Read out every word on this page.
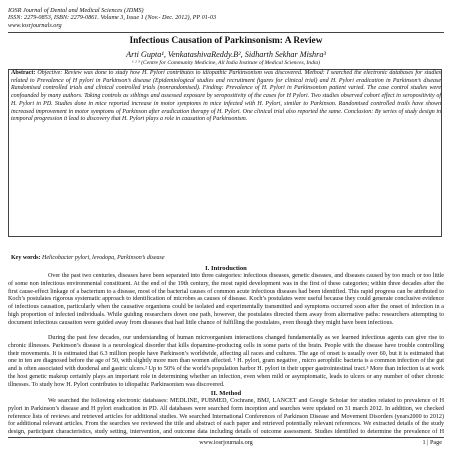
IOSR Journal of Dental and Medical Sciences (JDMS)
ISSN: 2279-0853, ISBN: 2279-0861. Volume 3, Issue 1 (Nov.- Dec. 2012), PP 01-03
www.iosrjournals.org
Infectious Causation of Parkinsonism: A Review
Arti Gupta¹, VenkatashivaReddy.B², Sidharth Sekhar Mishra³
¹ ² ³ (Centre for Community Medicine, All India Institute of Medical Sciences, India)
Abstract: Objective: Review was done to study how H. Pylori contributes to idiopathic Parkinsonism was discovered. Method: I searched the electronic databases for studies related to Prevalence of H pylori in Parkinson’s disease (Epidemiological studies and recruitment figures for clinical trial) and H. Pylori eradication in Parkinson’s disease Randomised controlled trials and clinical controlled trials (nonrandomised). Finding: Prevalence of H. Pylori in Parkinsonism patient varied. The case control studies were confounded by many authors. Taking controls as siblings and assessed exposure by seropositivity of the cases for H Pylori. Two studies observed cohort effect in seropositivity of H. Pylori in PD. Studies done in mice reported increase in motor symptoms in mice infected with H. Pylori, similar to Parkinson. Randomised controlled trails have shown increased improvement in motor symptoms of Parkinson after eradication therapy of H. Pylori. One clinical trial also reported the same. Conclusion: By series of study design in temporal progression it lead to discovery that H. Pylori plays a role in causation of Parkinsonism.
Key words: Helicobacter pylori, levodopa, Parkinson’s disease
I. Introduction
Over the past two centuries, diseases have been separated into three categories: infectious diseases, genetic diseases, and diseases caused by too much or too little of some non infectious environmental constituent. At the end of the 19th century, the most rapid development was in the first of these categories; within three decades after the first cause-effect linkage of a bacterium to a disease, most of the bacterial causes of common acute infectious diseases had been identified. This rapid progress can be attributed to Koch’s postulates rigorous systematic approach to identification of microbes as causes of disease. Koch’s postulates were useful because they could generate conclusive evidence of infectious causation, particularly when the causative organisms could be isolated and experimentally transmitted and symptoms occurred soon after the onset of infection in a high proportion of infected individuals. While guiding researchers down one path, however, the postulates directed them away from alternative paths: researchers attempting to document infectious causation were guided away from diseases that had little chance of fulfilling the postulates, even though they might have been infectious.
During the past few decades, our understanding of human microorganism interactions changed fundamentally as we learned infectious agents can give rise to chronic illnesses. Parkinson’s disease is a neurological disorder that kills dopamine-producing cells in some parts of the brain. People with the disease have trouble controlling their movements. It is estimated that 6.3 million people have Parkinson’s worldwide, affecting all races and cultures. The age of onset is usually over 60, but it is estimated that one in ten are diagnosed before the age of 50, with slightly more men than women affected. ¹ H. pylori, gram negative , micro aerophilic bacteria is a common infection of the gut and is often associated with duodenal and gastric ulcers.² Up to 50% of the world’s population harbor H. pylori in their upper gastrointestinal tract.³ More than infection is at work the host genetic makeup certainly plays an important role in determining whether an infection, even when mild or asymptomatic, leads to ulcers or any number of other chronic illnesses. To study how H. Pylori contributes to idiopathic Parkinsonism was discovered.
II. Method
We searched the following electronic databases: MEDLINE, PUBMED, Cochrane, BMJ, LANCET and Google Scholar for studies related to prevalence of H pylori in Parkinson’s disease and H pylori eradication in PD. All databases were searched form inception and searches were updated on 31 march 2012. In addition, we checked reference lists of reviews and retrieved articles for additional studies. We searched International Conferences of Parkinson Disease and Movement Disorders (years2000 to 2012) for additional relevant articles. From the searches we reviewed the title and abstract of each paper and retrieved potentially relevant references. We extracted details of the study design, participant characteristics, study setting, intervention, and outcome data including details of outcome assessment. Studies identified to determine the prevalence of H
www.iosrjournals.org	1 | Page
